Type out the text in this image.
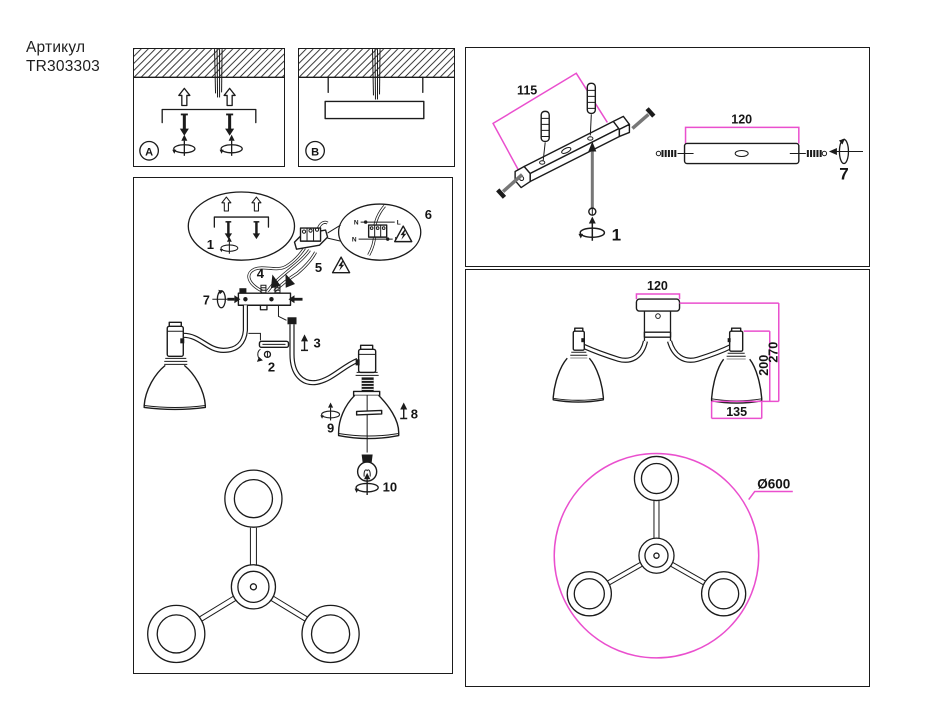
Артикул
TR303303
A	B
1
N	L
N
6
5
4
7
2
3
9
8
10
115
1
120
7
120
270
200
135
Ø600
